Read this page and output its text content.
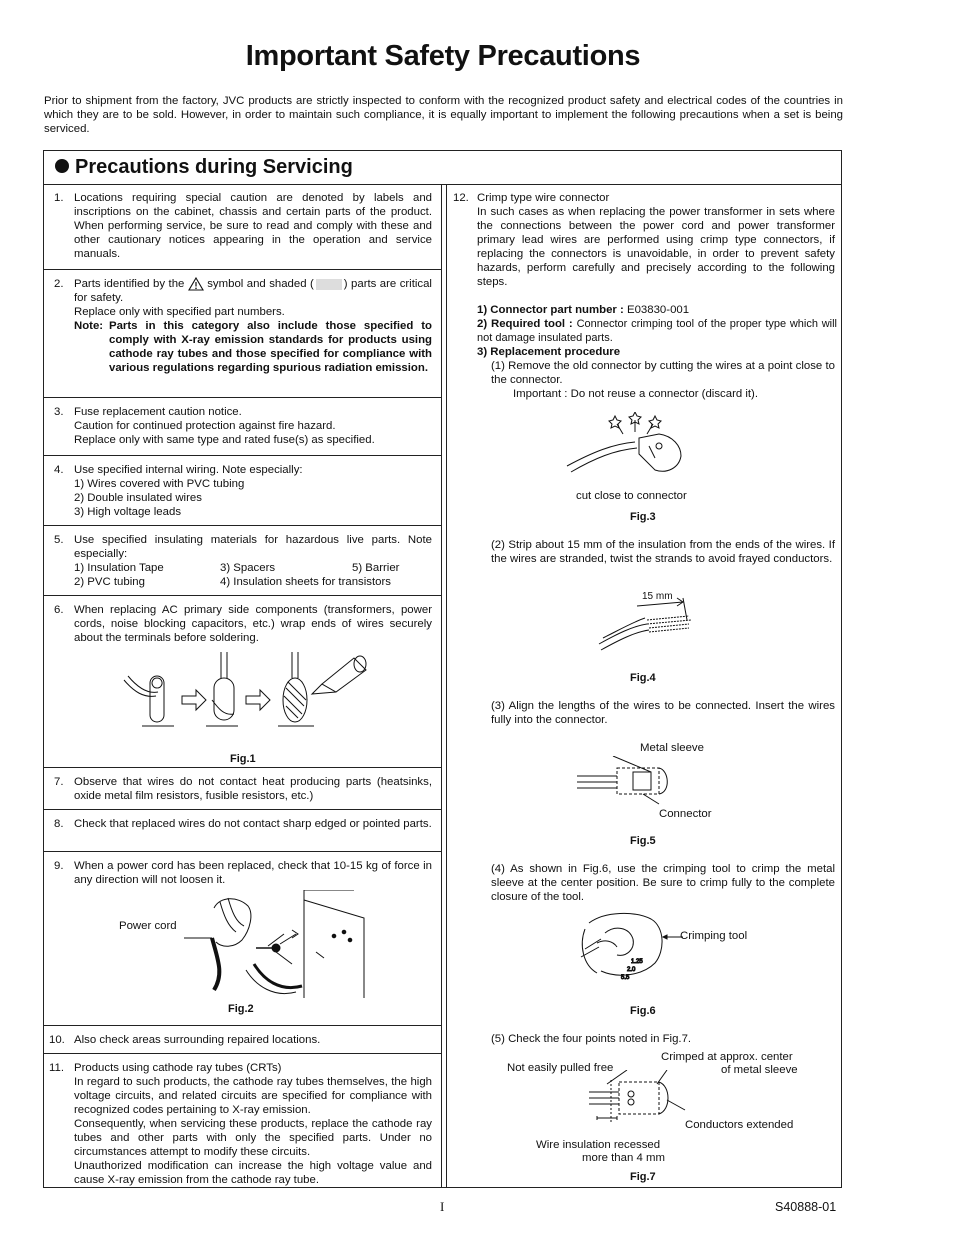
Important Safety Precautions
Prior to shipment from the factory, JVC products are strictly inspected to conform with the recognized product safety and electrical codes of the countries in which they are to be sold. However, in order to maintain such compliance, it is equally important to implement the following precautions when a set is being serviced.
Precautions during Servicing
1. Locations requiring special caution are denoted by labels and inscriptions on the cabinet, chassis and certain parts of the product. When performing service, be sure to read and comply with these and other cautionary notices appearing in the operation and service manuals.
2. Parts identified by the symbol and shaded (	) parts are critical for safety.
Replace only with specified part numbers.

Note: Parts in this category also include those specified to comply with X-ray emission standards for products using cathode ray tubes and those specified for compliance with various regulations regarding spurious radiation emission.
3. Fuse replacement caution notice.
Caution for continued protection against fire hazard.
Replace only with same type and rated fuse(s) as specified.
4. Use specified internal wiring. Note especially:
1) Wires covered with PVC tubing
2) Double insulated wires
3) High voltage leads
5. Use specified insulating materials for hazardous live parts. Note especially:
1) Insulation Tape	3) Spacers	5) Barrier
2) PVC tubing	4) Insulation sheets for transistors
6. When replacing AC primary side components (transformers, power cords, noise blocking capacitors, etc.) wrap ends of wires securely about the terminals before soldering.
Fig.1
7. Observe that wires do not contact heat producing parts (heatsinks, oxide metal film resistors, fusible resistors, etc.)
8. Check that replaced wires do not contact sharp edged or pointed parts.
9. When a power cord has been replaced, check that 10-15 kg of force in any direction will not loosen it.
Power cord
Fig.2
10. Also check areas surrounding repaired locations.
11. Products using cathode ray tubes (CRTs)
In regard to such products, the cathode ray tubes themselves, the high voltage circuits, and related circuits are specified for compliance with recognized codes pertaining to X-ray emission.
Consequently, when servicing these products, replace the cathode ray tubes and other parts with only the specified parts. Under no circumstances attempt to modify these circuits.
Unauthorized modification can increase the high voltage value and cause X-ray emission from the cathode ray tube.
12. Crimp type wire connector
In such cases as when replacing the power transformer in sets where the connections between the power cord and power transformer primary lead wires are performed using crimp type connectors, if replacing the connectors is unavoidable, in order to prevent safety hazards, perform carefully and precisely according to the following steps.
1) Connector part number : E03830-001
2) Required tool : Connector crimping tool of the proper type which will not damage insulated parts.
3) Replacement procedure
(1) Remove the old connector by cutting the wires at a point close to the connector.
Important : Do not reuse a connector (discard it).
cut close to connector
Fig.3
(2) Strip about 15 mm of the insulation from the ends of the wires. If the wires are stranded, twist the strands to avoid frayed conductors.
15 mm
Fig.4
(3) Align the lengths of the wires to be connected. Insert the wires fully into the connector.
Metal sleeve
Connector
Fig.5
(4) As shown in Fig.6, use the crimping tool to crimp the metal sleeve at the center position. Be sure to crimp fully to the complete closure of the tool.
1.25
2.0
5.5
Crimping tool
Fig.6
(5) Check the four points noted in Fig.7.
Not easily pulled free
Crimped at approx. center
of metal sleeve
Conductors extended
Wire insulation recessed
more than 4 mm
Fig.7
I	S40888-01
